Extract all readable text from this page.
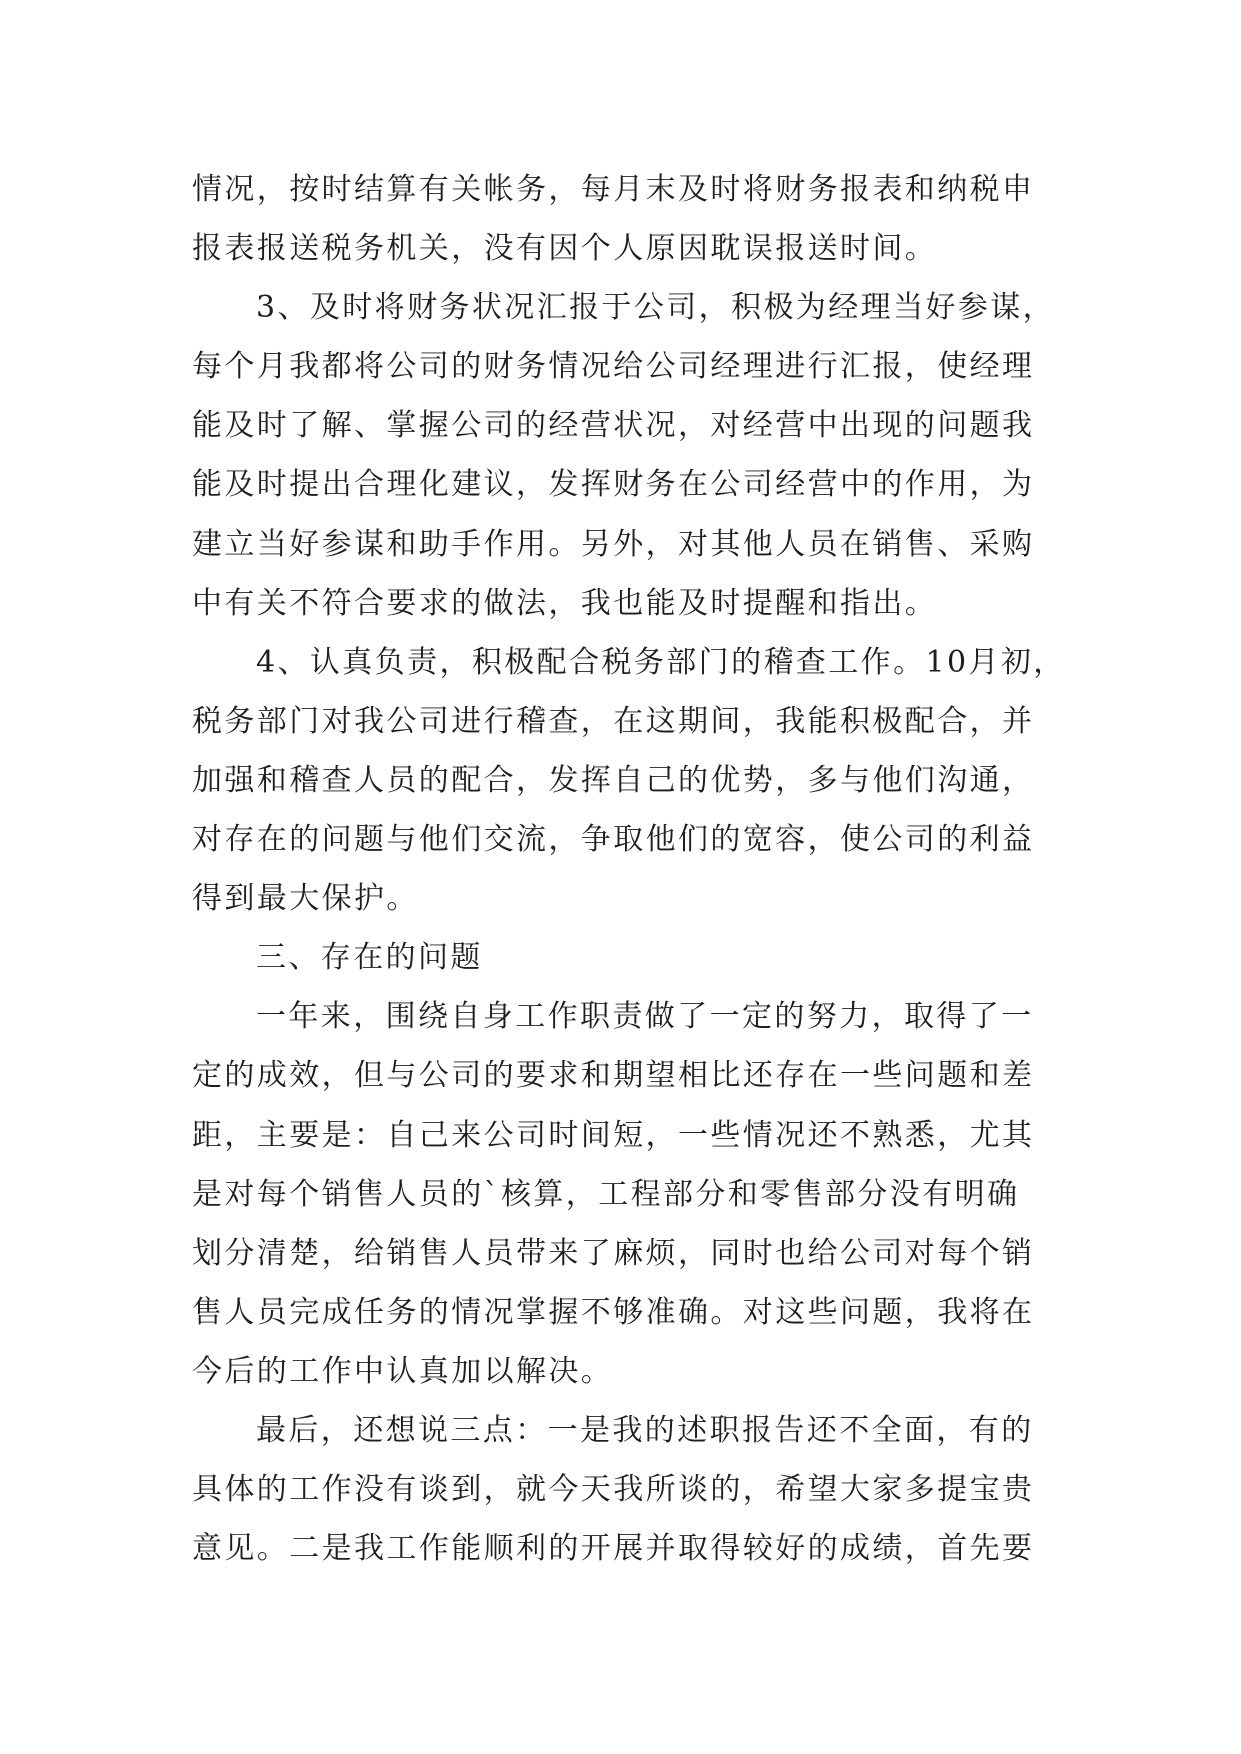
情况，按时结算有关帐务，每月末及时将财务报表和纳税申
报表报送税务机关，没有因个人原因耽误报送时间。
3、及时将财务状况汇报于公司，积极为经理当好参谋，
每个月我都将公司的财务情况给公司经理进行汇报，使经理
能及时了解、掌握公司的经营状况，对经营中出现的问题我
能及时提出合理化建议，发挥财务在公司经营中的作用，为
建立当好参谋和助手作用。另外，对其他人员在销售、采购
中有关不符合要求的做法，我也能及时提醒和指出。
4、认真负责，积极配合税务部门的稽查工作。10月初，
税务部门对我公司进行稽查，在这期间，我能积极配合，并
加强和稽查人员的配合，发挥自己的优势，多与他们沟通，
对存在的问题与他们交流，争取他们的宽容，使公司的利益
得到最大保护。
三、存在的问题
一年来，围绕自身工作职责做了一定的努力，取得了一
定的成效，但与公司的要求和期望相比还存在一些问题和差
距，主要是：自己来公司时间短，一些情况还不熟悉，尤其
是对每个销售人员的`核算，工程部分和零售部分没有明确
划分清楚，给销售人员带来了麻烦，同时也给公司对每个销
售人员完成任务的情况掌握不够准确。对这些问题，我将在
今后的工作中认真加以解决。
最后，还想说三点：一是我的述职报告还不全面，有的
具体的工作没有谈到，就今天我所谈的，希望大家多提宝贵
意见。二是我工作能顺利的开展并取得较好的成绩，首先要
